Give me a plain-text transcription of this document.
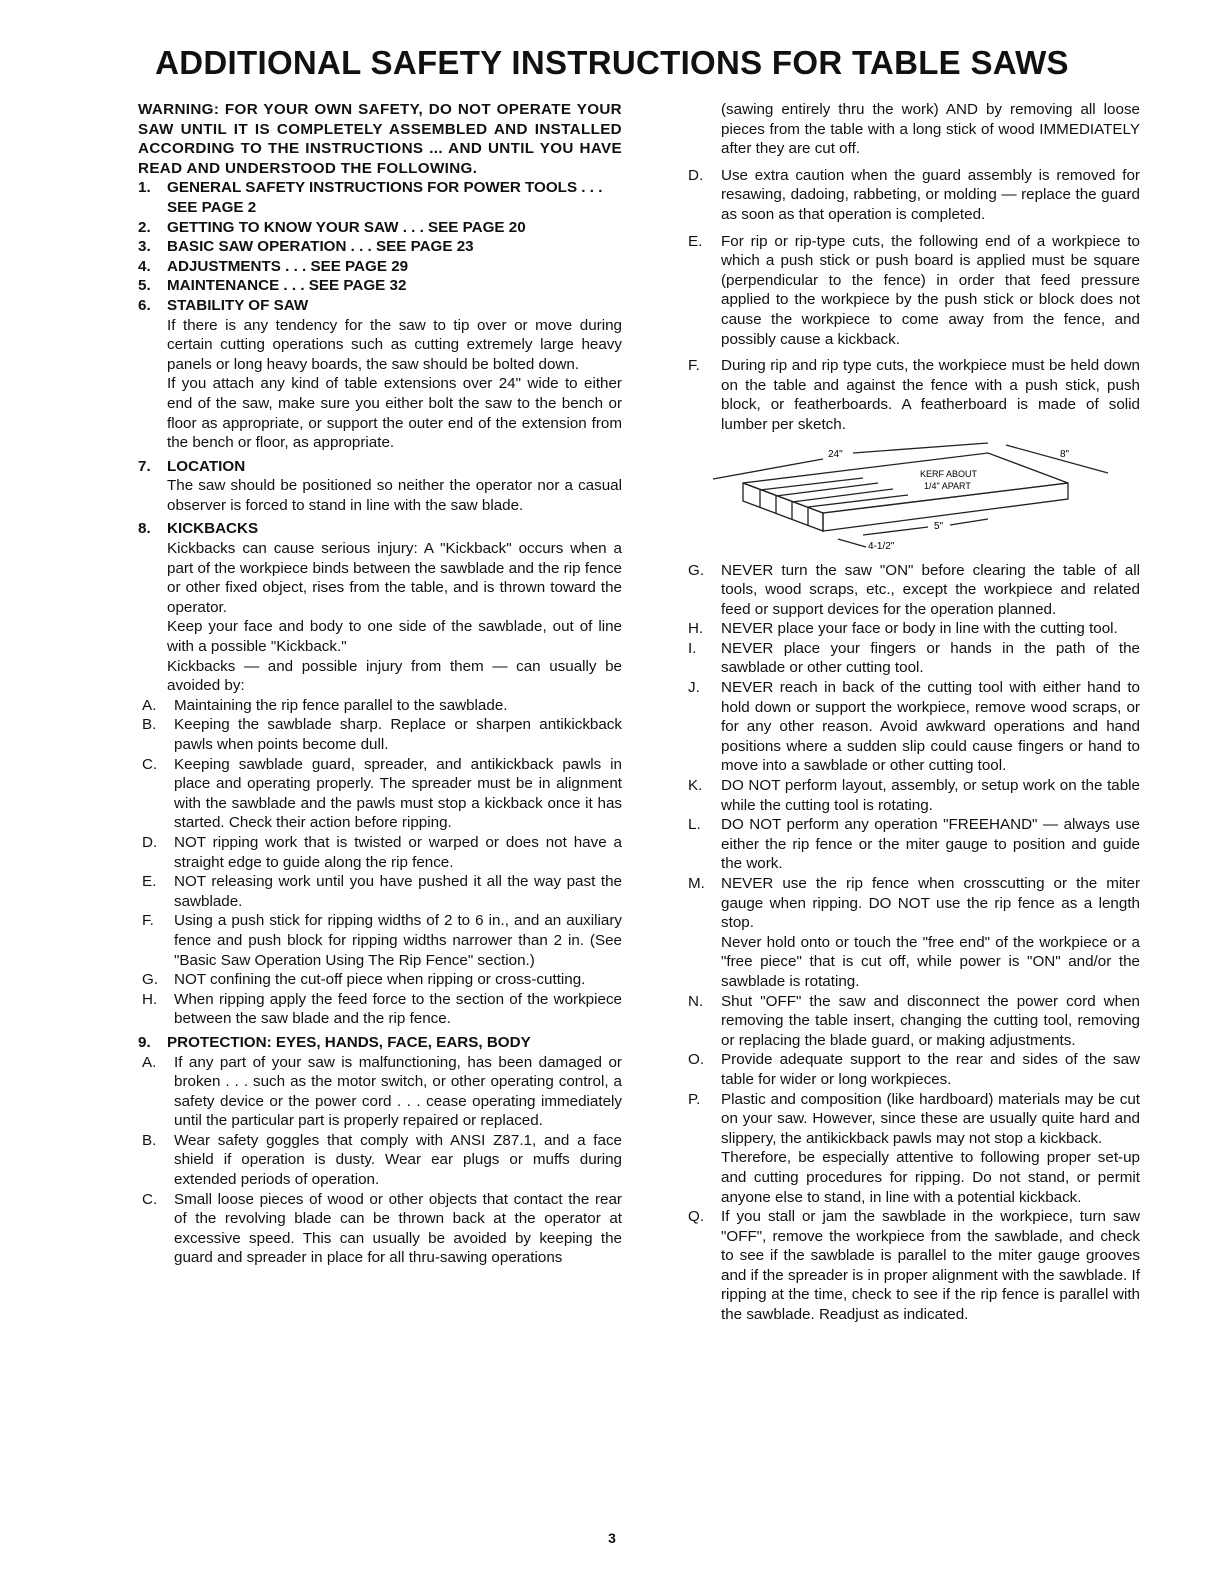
ADDITIONAL SAFETY INSTRUCTIONS FOR TABLE SAWS
WARNING: FOR YOUR OWN SAFETY, DO NOT OPERATE YOUR SAW UNTIL IT IS COMPLETELY ASSEMBLED AND INSTALLED ACCORDING TO THE INSTRUCTIONS ... AND UNTIL YOU HAVE READ AND UNDERSTOOD THE FOLLOWING.
1. GENERAL SAFETY INSTRUCTIONS FOR POWER TOOLS . . . SEE PAGE 2
2. GETTING TO KNOW YOUR SAW . . . SEE PAGE 20
3. BASIC SAW OPERATION . . . SEE PAGE 23
4. ADJUSTMENTS . . . SEE PAGE 29
5. MAINTENANCE . . . SEE PAGE 32
6. STABILITY OF SAW
If there is any tendency for the saw to tip over or move during certain cutting operations such as cutting extremely large heavy panels or long heavy boards, the saw should be bolted down.
If you attach any kind of table extensions over 24" wide to either end of the saw, make sure you either bolt the saw to the bench or floor as appropriate, or support the outer end of the extension from the bench or floor, as appropriate.
7. LOCATION
The saw should be positioned so neither the operator nor a casual observer is forced to stand in line with the saw blade.
8. KICKBACKS
Kickbacks can cause serious injury: A "Kickback" occurs when a part of the workpiece binds between the sawblade and the rip fence or other fixed object, rises from the table, and is thrown toward the operator.
Keep your face and body to one side of the sawblade, out of line with a possible "Kickback."
Kickbacks — and possible injury from them — can usually be avoided by:
A. Maintaining the rip fence parallel to the sawblade.
B. Keeping the sawblade sharp. Replace or sharpen antikickback pawls when points become dull.
C. Keeping sawblade guard, spreader, and antikickback pawls in place and operating properly. The spreader must be in alignment with the sawblade and the pawls must stop a kickback once it has started. Check their action before ripping.
D. NOT ripping work that is twisted or warped or does not have a straight edge to guide along the rip fence.
E. NOT releasing work until you have pushed it all the way past the sawblade.
F. Using a push stick for ripping widths of 2 to 6 in., and an auxiliary fence and push block for ripping widths narrower than 2 in. (See "Basic Saw Operation Using The Rip Fence" section.)
G. NOT confining the cut-off piece when ripping or cross-cutting.
H. When ripping apply the feed force to the section of the workpiece between the saw blade and the rip fence.
9. PROTECTION: EYES, HANDS, FACE, EARS, BODY
A. If any part of your saw is malfunctioning, has been damaged or broken . . . such as the motor switch, or other operating control, a safety device or the power cord . . . cease operating immediately until the particular part is properly repaired or replaced.
B. Wear safety goggles that comply with ANSI Z87.1, and a face shield if operation is dusty. Wear ear plugs or muffs during extended periods of operation.
C. Small loose pieces of wood or other objects that contact the rear of the revolving blade can be thrown back at the operator at excessive speed. This can usually be avoided by keeping the guard and spreader in place for all thru-sawing operations
(sawing entirely thru the work) AND by removing all loose pieces from the table with a long stick of wood IMMEDIATELY after they are cut off.
D. Use extra caution when the guard assembly is removed for resawing, dadoing, rabbeting, or molding — replace the guard as soon as that operation is completed.
E. For rip or rip-type cuts, the following end of a workpiece to which a push stick or push board is applied must be square (perpendicular to the fence) in order that feed pressure applied to the workpiece by the push stick or block does not cause the workpiece to come away from the fence, and possibly cause a kickback.
F. During rip and rip type cuts, the workpiece must be held down on the table and against the fence with a push stick, push block, or featherboards. A featherboard is made of solid lumber per sketch.
24"	8"
KERF ABOUT
1/4" APART
5"
4-1/2"
G. NEVER turn the saw "ON" before clearing the table of all tools, wood scraps, etc., except the workpiece and related feed or support devices for the operation planned.
H. NEVER place your face or body in line with the cutting tool.
I. NEVER place your fingers or hands in the path of the sawblade or other cutting tool.
J. NEVER reach in back of the cutting tool with either hand to hold down or support the workpiece, remove wood scraps, or for any other reason. Avoid awkward operations and hand positions where a sudden slip could cause fingers or hand to move into a sawblade or other cutting tool.
K. DO NOT perform layout, assembly, or setup work on the table while the cutting tool is rotating.
L. DO NOT perform any operation "FREEHAND" — always use either the rip fence or the miter gauge to position and guide the work.
M. NEVER use the rip fence when crosscutting or the miter gauge when ripping. DO NOT use the rip fence as a length stop.
Never hold onto or touch the "free end" of the workpiece or a "free piece" that is cut off, while power is "ON" and/or the sawblade is rotating.
N. Shut "OFF" the saw and disconnect the power cord when removing the table insert, changing the cutting tool, removing or replacing the blade guard, or making adjustments.
O. Provide adequate support to the rear and sides of the saw table for wider or long workpieces.
P. Plastic and composition (like hardboard) materials may be cut on your saw. However, since these are usually quite hard and slippery, the antikickback pawls may not stop a kickback.
Therefore, be especially attentive to following proper set-up and cutting procedures for ripping. Do not stand, or permit anyone else to stand, in line with a potential kickback.
Q. If you stall or jam the sawblade in the workpiece, turn saw "OFF", remove the workpiece from the sawblade, and check to see if the sawblade is parallel to the miter gauge grooves and if the spreader is in proper alignment with the sawblade. If ripping at the time, check to see if the rip fence is parallel with the sawblade. Readjust as indicated.
3
